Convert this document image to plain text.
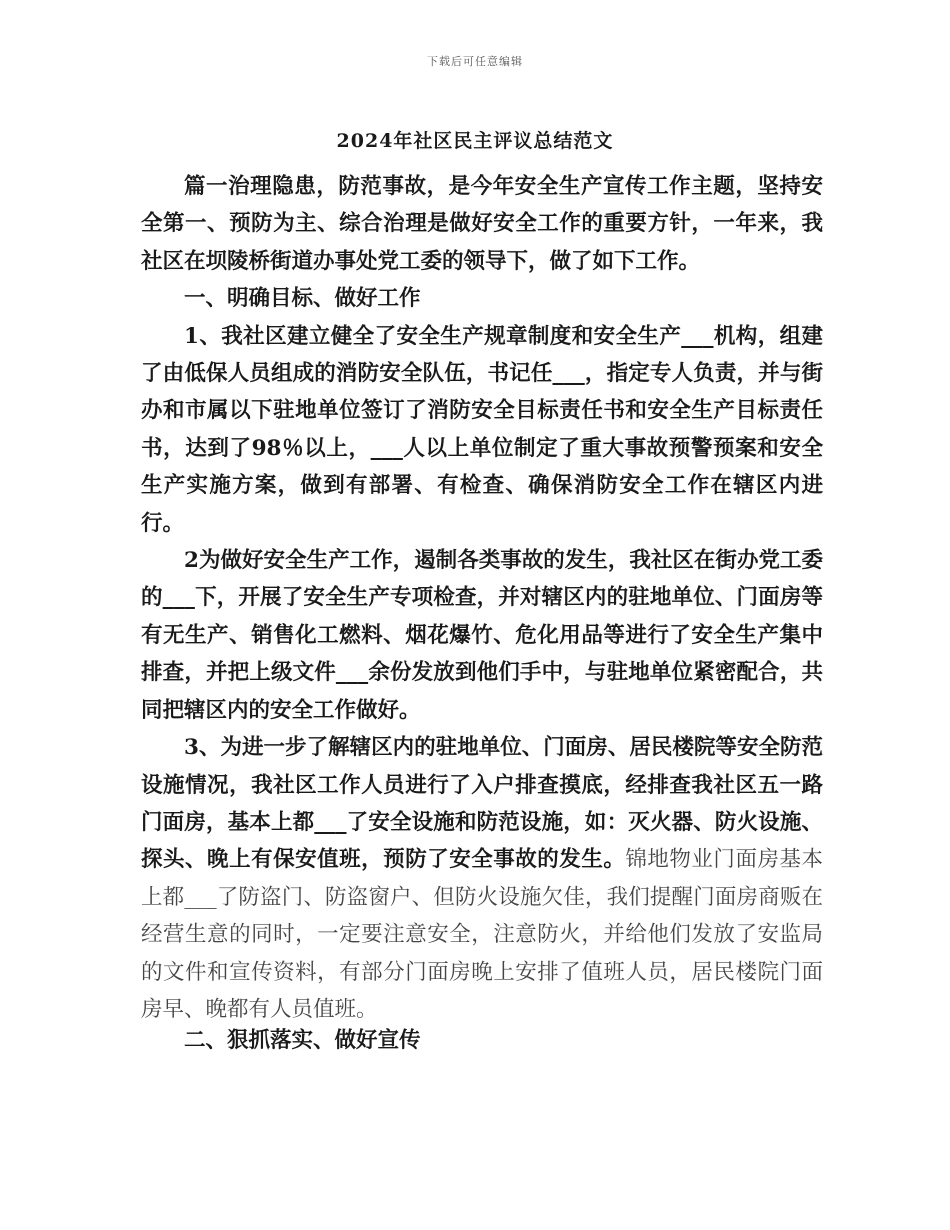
下载后可任意编辑
2024年社区民主评议总结范文

篇一治理隐患，防范事故，是今年安全生产宣传工作主题，坚持安全第一、预防为主、综合治理是做好安全工作的重要方针，一年来，我社区在坝陵桥街道办事处党工委的领导下，做了如下工作。

一、明确目标、做好工作

1、我社区建立健全了安全生产规章制度和安全生产___机构，组建了由低保人员组成的消防安全队伍，书记任___，指定专人负责，并与街办和市属以下驻地单位签订了消防安全目标责任书和安全生产目标责任书，达到了98％以上，___人以上单位制定了重大事故预警预案和安全生产实施方案，做到有部署、有检查、确保消防安全工作在辖区内进行。

2为做好安全生产工作，遏制各类事故的发生，我社区在街办党工委的___下，开展了安全生产专项检查，并对辖区内的驻地单位、门面房等有无生产、销售化工燃料、烟花爆竹、危化用品等进行了安全生产集中排查，并把上级文件___余份发放到他们手中，与驻地单位紧密配合，共同把辖区内的安全工作做好。

3、为进一步了解辖区内的驻地单位、门面房、居民楼院等安全防范设施情况，我社区工作人员进行了入户排查摸底，经排查我社区五一路门面房，基本上都___了安全设施和防范设施，如：灭火器、防火设施、探头、晚上有保安值班，预防了安全事故的发生。锦地物业门面房基本上都___了防盗门、防盗窗户、但防火设施欠佳，我们提醒门面房商贩在经营生意的同时，一定要注意安全，注意防火，并给他们发放了安监局的文件和宣传资料，有部分门面房晚上安排了值班人员，居民楼院门面房早、晚都有人员值班。

二、狠抓落实、做好宣传
